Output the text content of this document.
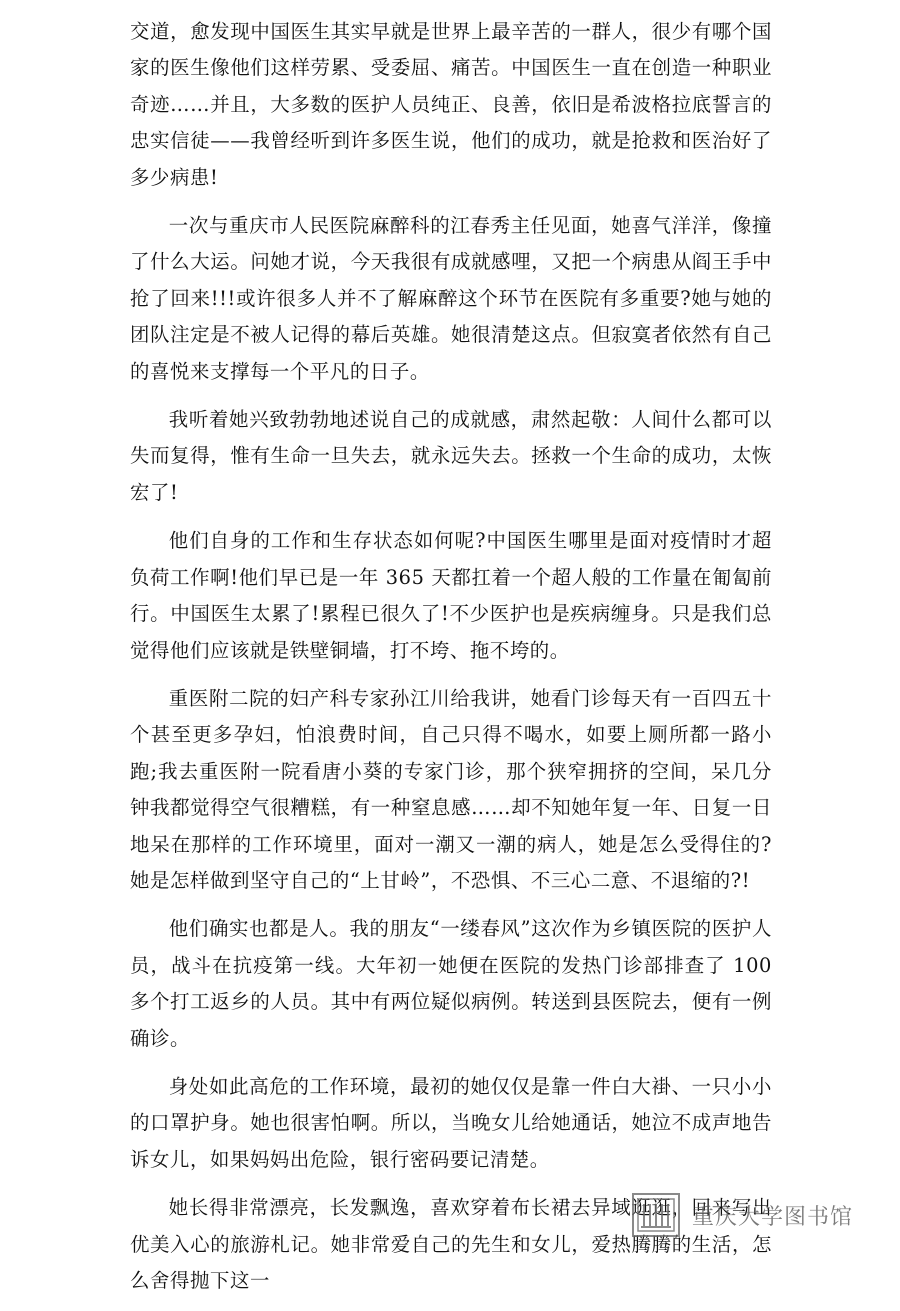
交道，愈发现中国医生其实早就是世界上最辛苦的一群人，很少有哪个国家的医生像他们这样劳累、受委屈、痛苦。中国医生一直在创造一种职业奇迹……并且，大多数的医护人员纯正、良善，依旧是希波格拉底誓言的忠实信徒——我曾经听到许多医生说，他们的成功，就是抢救和医治好了多少病患!

一次与重庆市人民医院麻醉科的江春秀主任见面，她喜气洋洋，像撞了什么大运。问她才说，今天我很有成就感哩，又把一个病患从阎王手中抢了回来!!!或许很多人并不了解麻醉这个环节在医院有多重要?她与她的团队注定是不被人记得的幕后英雄。她很清楚这点。但寂寞者依然有自己的喜悦来支撑每一个平凡的日子。

我听着她兴致勃勃地述说自己的成就感，肃然起敬：人间什么都可以失而复得，惟有生命一旦失去，就永远失去。拯救一个生命的成功，太恢宏了!

他们自身的工作和生存状态如何呢?中国医生哪里是面对疫情时才超负荷工作啊!他们早已是一年 365 天都扛着一个超人般的工作量在匍匐前行。中国医生太累了!累程已很久了!不少医护也是疾病缠身。只是我们总觉得他们应该就是铁壁铜墙，打不垮、拖不垮的。

重医附二院的妇产科专家孙江川给我讲，她看门诊每天有一百四五十个甚至更多孕妇，怕浪费时间，自己只得不喝水，如要上厕所都一路小跑;我去重医附一院看唐小葵的专家门诊，那个狭窄拥挤的空间，呆几分钟我都觉得空气很糟糕，有一种窒息感……却不知她年复一年、日复一日地呆在那样的工作环境里，面对一潮又一潮的病人，她是怎么受得住的?她是怎样做到坚守自己的“上甘岭”，不恐惧、不三心二意、不退缩的?!

他们确实也都是人。我的朋友“一缕春风”这次作为乡镇医院的医护人员，战斗在抗疫第一线。大年初一她便在医院的发热门诊部排查了 100 多个打工返乡的人员。其中有两位疑似病例。转送到县医院去，便有一例确诊。

身处如此高危的工作环境，最初的她仅仅是靠一件白大褂、一只小小的口罩护身。她也很害怕啊。所以，当晚女儿给她通话，她泣不成声地告诉女儿，如果妈妈出危险，银行密码要记清楚。

她长得非常漂亮，长发飘逸，喜欢穿着布长裙去异域逛逛，回来写出优美入心的旅游札记。她非常爱自己的先生和女儿，爱热腾腾的生活，怎么舍得抛下这一

重庆大学图书馆
